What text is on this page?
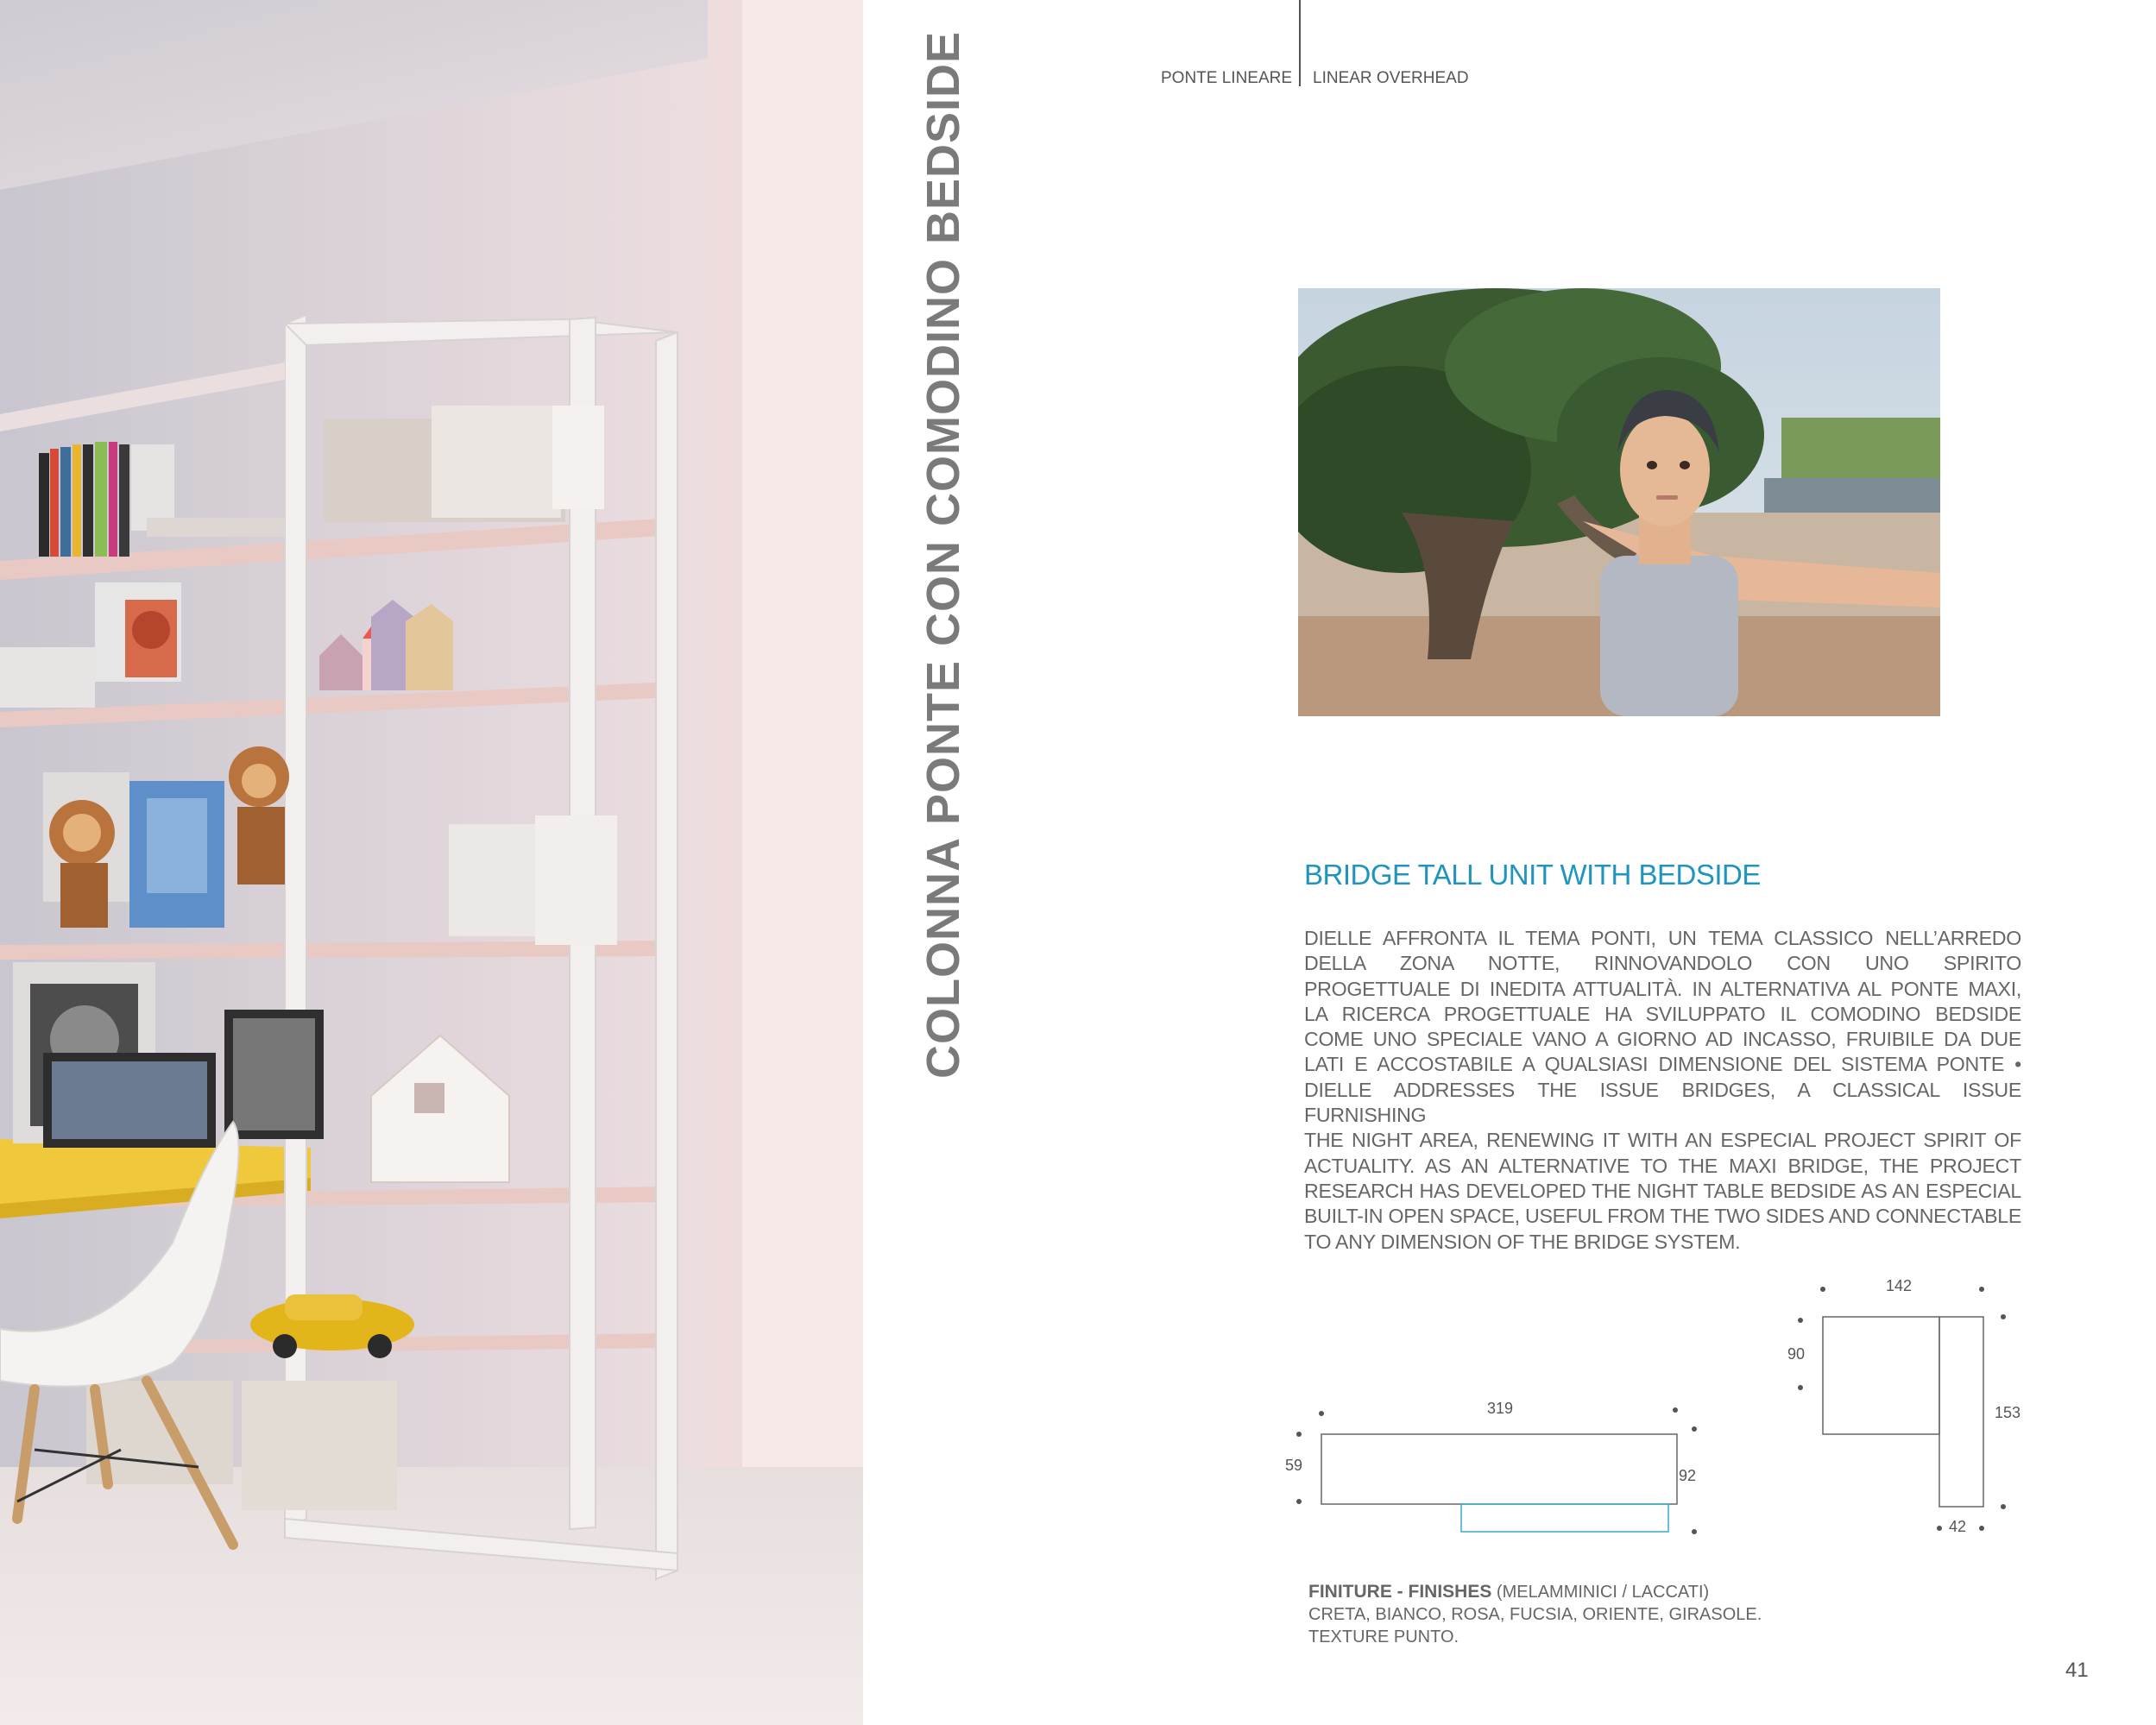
COLONNA PONTE CON COMODINO BEDSIDE	PONTE LINEARE LINEAR OVERHEAD
BRIDGE TALL UNIT WITH BEDSIDE
DIELLE AFFRONTA IL TEMA PONTI, UN TEMA CLASSICO NELL’ARREDO
DELLA ZONA NOTTE, RINNOVANDOLO CON UNO SPIRITO
PROGETTUALE DI INEDITA ATTUALITÀ. IN ALTERNATIVA AL PONTE MAXI,
LA RICERCA PROGETTUALE HA SVILUPPATO IL COMODINO BEDSIDE
COME UNO SPECIALE VANO A GIORNO AD INCASSO, FRUIBILE DA DUE
LATI E ACCOSTABILE A QUALSIASI DIMENSIONE DEL SISTEMA PONTE •
DIELLE ADDRESSES THE ISSUE BRIDGES, A CLASSICAL ISSUE FURNISHING
THE NIGHT AREA, RENEWING IT WITH AN ESPECIAL PROJECT SPIRIT OF
ACTUALITY. AS AN ALTERNATIVE TO THE MAXI BRIDGE, THE PROJECT
RESEARCH HAS DEVELOPED THE NIGHT TABLE BEDSIDE AS AN ESPECIAL
BUILT-IN OPEN SPACE, USEFUL FROM THE TWO SIDES AND CONNECTABLE
TO ANY DIMENSION OF THE BRIDGE SYSTEM.
319
59
92
142
90
153
42
FINITURE - FINISHES (MELAMMINICI / LACCATI)
CRETA, BIANCO, ROSA, FUCSIA, ORIENTE, GIRASOLE.
TEXTURE PUNTO.
41
